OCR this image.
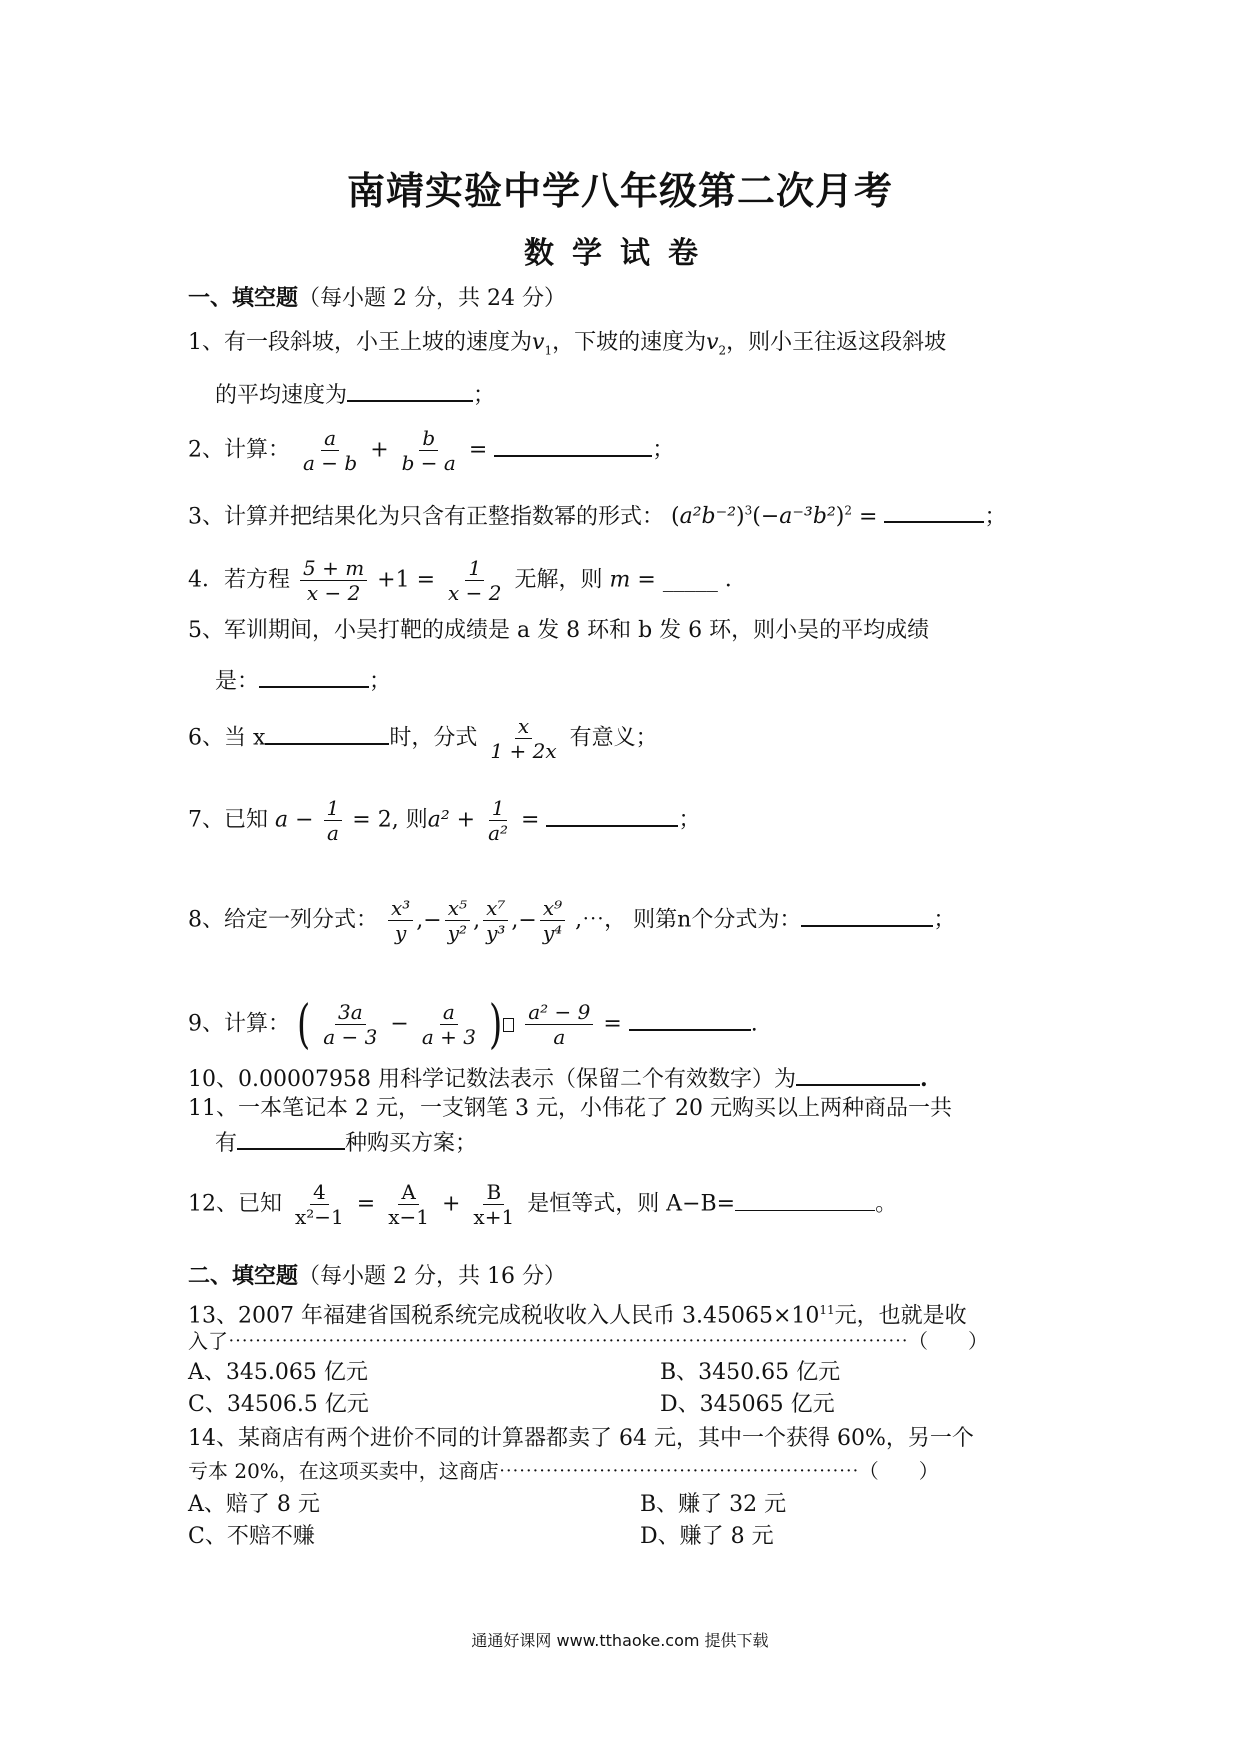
南靖实验中学八年级第二次月考
数学试卷
一、填空题（每小题 2 分，共 24 分）
1、有一段斜坡，小王上坡的速度为$v_1$，下坡的速度为$v_2$，则小王往返这段斜坡
的平均速度为	；
2、计算： $\frac{a}{a - b} + \frac{b}{b - a}$ =	；
3、计算并把结果化为只含有正整指数幂的形式： $(a^2b^{-2})^3(-a^{-3}b^2)^2$ =	；
4．若方程 $\frac{5 + m}{x - 2} +1 = \frac{1}{x - 2}$ 无解，则 m = _____ ．
5、军训期间，小吴打靶的成绩是 a 发 8 环和 b 发 6 环，则小吴的平均成绩
是：	；
6、当 x	时，分式 $\frac{x}{1 + 2x}$ 有意义；
7、已知 $a - \frac{1}{a} = 2$, 则$a^2 + \frac{1}{\text{a²}}$ =	；
8、给定一列分式： $\frac{\text{x³}}{y}$ ,− $\frac{\text{x⁵}}{\text{y²}}$ , $\frac{\text{x⁷}}{\text{y³}}$ ,− $\frac{\text{x⁹}}{\text{y⁴}}$ ,⋯， 则第n个分式为：	；
9、计算： ( $\frac{3a}{a - 3} - \frac{a}{a + 3}$ ) $\frac{\text{a² − 9}}{a}$ =	.
10、0.00007958 用科学记数法表示（保留二个有效数字）为	.
11、一本笔记本 2 元，一支钢笔 3 元，小伟花了 20 元购买以上两种商品一共
有	种购买方案；
12、已知 $\frac{4}{\text{x²−1}} = \frac{A}{x-1} + \frac{B}{x+1}$ 是恒等式，则 A−B=	。
二、填空题（每小题 2 分，共 16 分）
13、2007 年福建省国税系统完成税收收入人民币 $3.45065\times 10^{11}$元，也就是收
入了⋯⋯⋯⋯⋯⋯⋯⋯⋯⋯⋯⋯⋯⋯⋯⋯⋯⋯⋯⋯⋯⋯⋯⋯⋯⋯⋯⋯⋯⋯⋯⋯⋯⋯（　　）
A、345.065 亿元	B、3450.65 亿元
C、34506.5 亿元	D、345065 亿元
14、某商店有两个进价不同的计算器都卖了 64 元，其中一个获得 60%，另一个
亏本 20%，在这项买卖中，这商店⋯⋯⋯⋯⋯⋯⋯⋯⋯⋯⋯⋯⋯⋯⋯⋯⋯⋯（　　）
A、赔了 8 元	B、赚了 32 元
C、不赔不赚	D、赚了 8 元
通通好课网 www.tthaoke.com 提供下载
